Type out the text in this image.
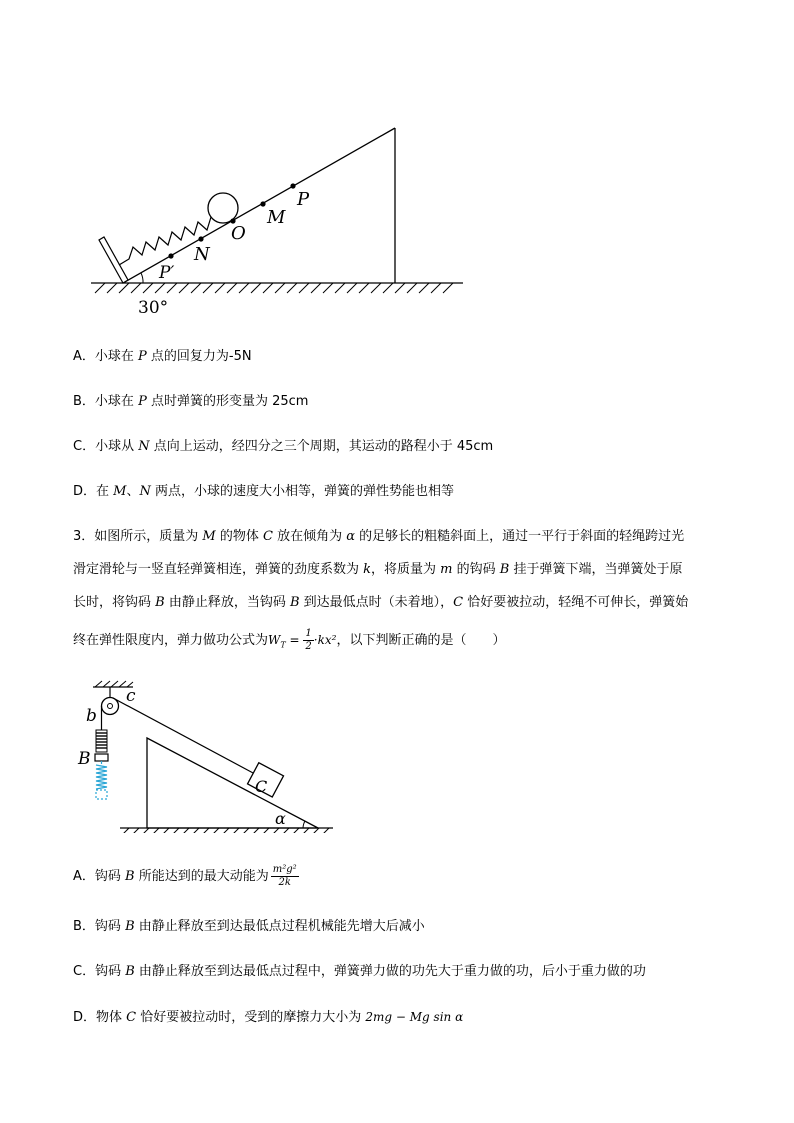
P
M
O
N
P′
30°
A．小球在 P 点的回复力为-5N
B．小球在 P 点时弹簧的形变量为 25cm
C．小球从 N 点向上运动，经四分之三个周期，其运动的路程小于 45cm
D．在 M、N 两点，小球的速度大小相等，弹簧的弹性势能也相等
3．如图所示，质量为 M 的物体 C 放在倾角为 α 的足够长的粗糙斜面上，通过一平行于斜面的轻绳跨过光
滑定滑轮与一竖直轻弹簧相连，弹簧的劲度系数为 k，将质量为 m 的钩码 B 挂于弹簧下端，当弹簧处于原
长时，将钩码 B 由静止释放，当钩码 B 到达最低点时（未着地），C 恰好要被拉动，轻绳不可伸长，弹簧始
终在弹性限度内，弹力做功公式为$W_T = \frac{1}{2} \cdot kx^2$，以下判断正确的是（　　）
c
b
B
C
α
A．钩码 B 所能达到的最大动能为 $\frac{\text{m²g²}}{2k}$
B．钩码 B 由静止释放至到达最低点过程机械能先增大后减小
C．钩码 B 由静止释放至到达最低点过程中，弹簧弹力做的功先大于重力做的功，后小于重力做的功
D．物体 C 恰好要被拉动时，受到的摩擦力大小为 2mg − Mg sin α
